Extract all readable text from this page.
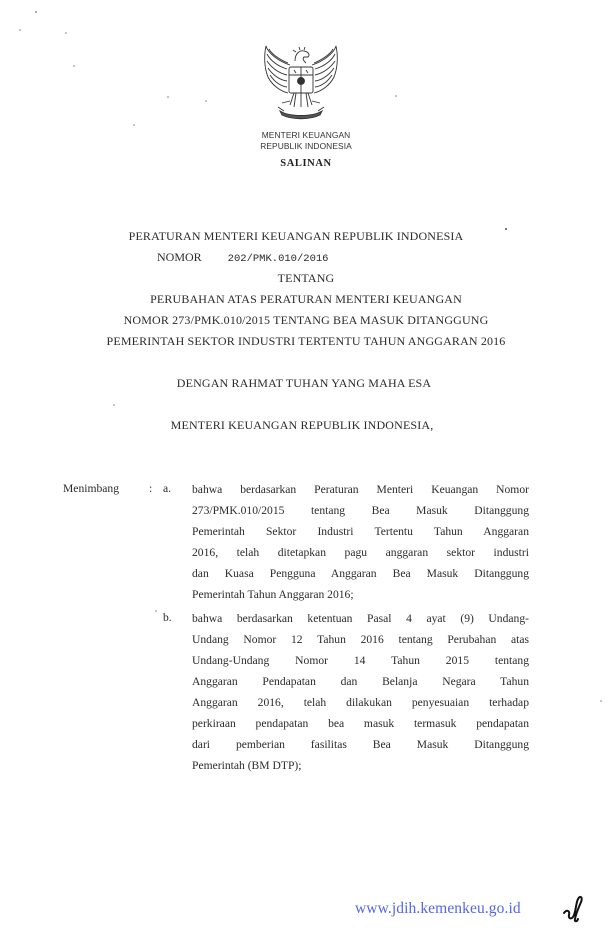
MENTERI KEUANGAN
REPUBLIK INDONESIA
SALINAN
PERATURAN MENTERI KEUANGAN REPUBLIK INDONESIA
NOMOR 202/PMK.010/2016
TENTANG
PERUBAHAN ATAS PERATURAN MENTERI KEUANGAN
NOMOR 273/PMK.010/2015 TENTANG BEA MASUK DITANGGUNG
PEMERINTAH SEKTOR INDUSTRI TERTENTU TAHUN ANGGARAN 2016
DENGAN RAHMAT TUHAN YANG MAHA ESA
MENTERI KEUANGAN REPUBLIK INDONESIA,
Menimbang	: a. bahwa berdasarkan Peraturan Menteri Keuangan Nomor
273/PMK.010/2015 tentang Bea Masuk Ditanggung
Pemerintah Sektor Industri Tertentu Tahun Anggaran
2016, telah ditetapkan pagu anggaran sektor industri
dan Kuasa Pengguna Anggaran Bea Masuk Ditanggung
Pemerintah Tahun Anggaran 2016;
b. bahwa berdasarkan ketentuan Pasal 4 ayat (9) Undang-
Undang Nomor 12 Tahun 2016 tentang Perubahan atas
Undang-Undang Nomor 14 Tahun 2015 tentang
Anggaran Pendapatan dan Belanja Negara Tahun
Anggaran 2016, telah dilakukan penyesuaian terhadap
perkiraan pendapatan bea masuk termasuk pendapatan
dari pemberian fasilitas Bea Masuk Ditanggung
Pemerintah (BM DTP);
www.jdih.kemenkeu.go.id
